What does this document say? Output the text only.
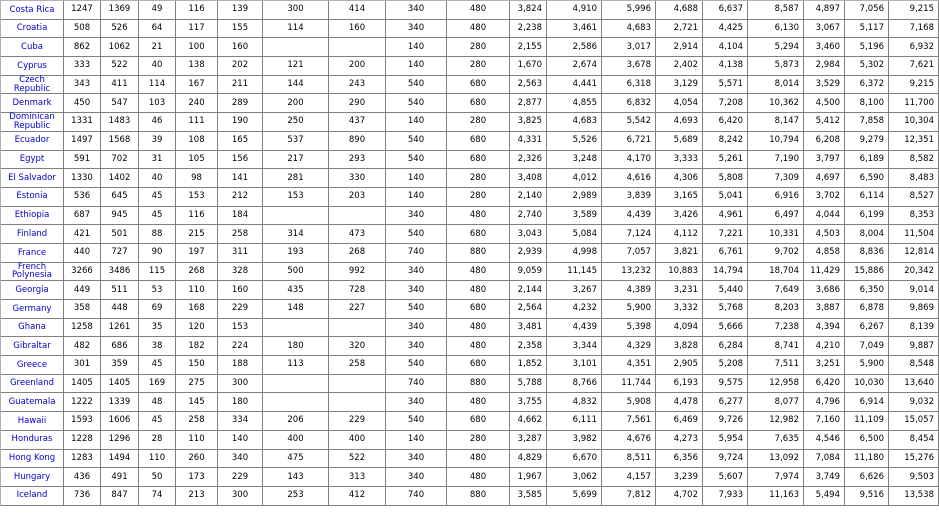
Costa Rica	1247	1369	49	116	139	300	414	340	480	3,824	4,910	5,996	4,688	6,637	8,587	4,897	7,056	9,215
Croatia	508	526	64	117	155	114	160	340	480	2,238	3,461	4,683	2,721	4,425	6,130	3,067	5,117	7,168
Cuba	862	1062	21	100	160			140	280	2,155	2,586	3,017	2,914	4,104	5,294	3,460	5,196	6,932
Cyprus	333	522	40	138	202	121	200	140	280	1,670	2,674	3,678	2,402	4,138	5,873	2,984	5,302	7,621
Czech Republic	343	411	114	167	211	144	243	540	680	2,563	4,441	6,318	3,129	5,571	8,014	3,529	6,372	9,215
Denmark	450	547	103	240	289	200	290	540	680	2,877	4,855	6,832	4,054	7,208	10,362	4,500	8,100	11,700
Dominican Republic	1331	1483	46	111	190	250	437	140	280	3,825	4,683	5,542	4,693	6,420	8,147	5,412	7,858	10,304
Ecuador	1497	1568	39	108	165	537	890	540	680	4,331	5,526	6,721	5,689	8,242	10,794	6,208	9,279	12,351
Egypt	591	702	31	105	156	217	293	540	680	2,326	3,248	4,170	3,333	5,261	7,190	3,797	6,189	8,582
El Salvador	1330	1402	40	98	141	281	330	140	280	3,408	4,012	4,616	4,306	5,808	7,309	4,697	6,590	8,483
Estonia	536	645	45	153	212	153	203	140	280	2,140	2,989	3,839	3,165	5,041	6,916	3,702	6,114	8,527
Ethiopia	687	945	45	116	184			340	480	2,740	3,589	4,439	3,426	4,961	6,497	4,044	6,199	8,353
Finland	421	501	88	215	258	314	473	540	680	3,043	5,084	7,124	4,112	7,221	10,331	4,503	8,004	11,504
France	440	727	90	197	311	193	268	740	880	2,939	4,998	7,057	3,821	6,761	9,702	4,858	8,836	12,814
French Polynesia	3266	3486	115	268	328	500	992	340	480	9,059	11,145	13,232	10,883	14,794	18,704	11,429	15,886	20,342
Georgia	449	511	53	110	160	435	728	340	480	2,144	3,267	4,389	3,231	5,440	7,649	3,686	6,350	9,014
Germany	358	448	69	168	229	148	227	540	680	2,564	4,232	5,900	3,332	5,768	8,203	3,887	6,878	9,869
Ghana	1258	1261	35	120	153			340	480	3,481	4,439	5,398	4,094	5,666	7,238	4,394	6,267	8,139
Gibraltar	482	686	38	182	224	180	320	340	480	2,358	3,344	4,329	3,828	6,284	8,741	4,210	7,049	9,887
Greece	301	359	45	150	188	113	258	540	680	1,852	3,101	4,351	2,905	5,208	7,511	3,251	5,900	8,548
Greenland	1405	1405	169	275	300			740	880	5,788	8,766	11,744	6,193	9,575	12,958	6,420	10,030	13,640
Guatemala	1222	1339	48	145	180			340	480	3,755	4,832	5,908	4,478	6,277	8,077	4,796	6,914	9,032
Hawaii	1593	1606	45	258	334	206	229	540	680	4,662	6,111	7,561	6,469	9,726	12,982	7,160	11,109	15,057
Honduras	1228	1296	28	110	140	400	400	140	280	3,287	3,982	4,676	4,273	5,954	7,635	4,546	6,500	8,454
Hong Kong	1283	1494	110	260	340	475	522	340	480	4,829	6,670	8,511	6,356	9,724	13,092	7,084	11,180	15,276
Hungary	436	491	50	173	229	143	313	340	480	1,967	3,062	4,157	3,239	5,607	7,974	3,749	6,626	9,503
Iceland	736	847	74	213	300	253	412	740	880	3,585	5,699	7,812	4,702	7,933	11,163	5,494	9,516	13,538
